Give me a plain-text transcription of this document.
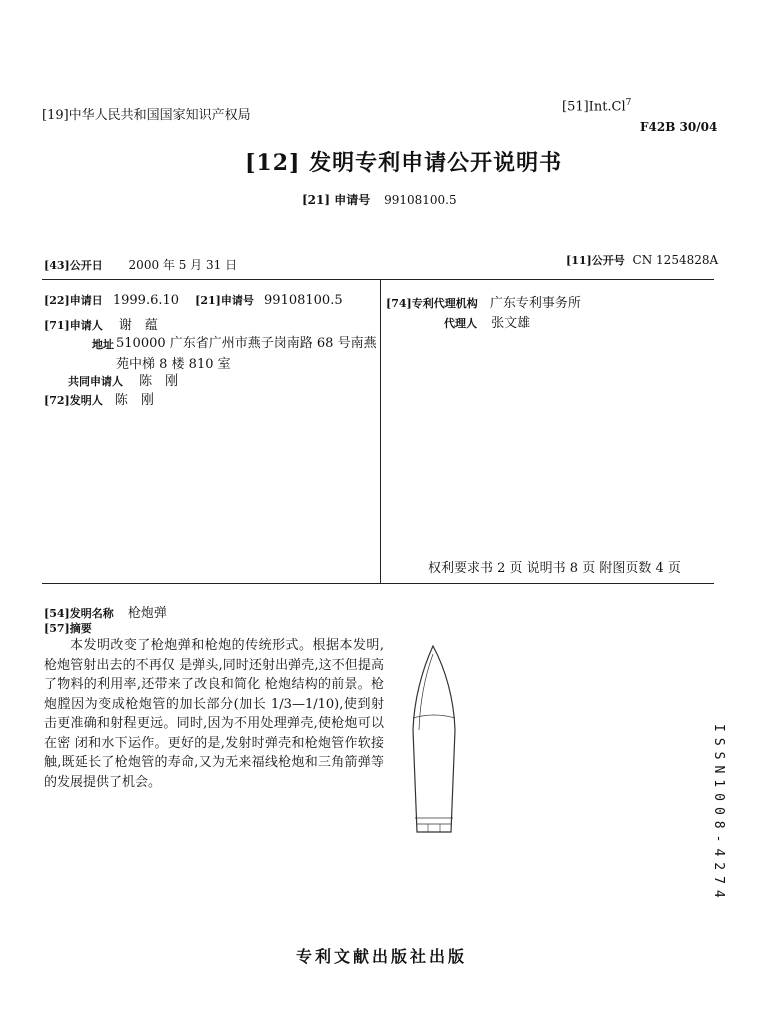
[19]中华人民共和国国家知识产权局
[51]Int.Cl$^7$
F42B 30/04
[12] 发明专利申请公开说明书
[21] 申请号 99108100.5
[43]公开日 2000 年 5 月 31 日	[11]公开号 CN 1254828A
[22]申请日 1999.6.10 [21]申请号 99108100.5
[71]申请人 谢　蕴
地址 510000 广东省广州市燕子岗南路 68 号南燕
苑中梯 8 楼 810 室
共同申请人 陈　刚
[72]发明人 陈　刚
[74]专利代理机构 广东专利事务所
代理人 张文雄
权利要求书 2 页 说明书 8 页 附图页数 4 页
[54]发明名称 枪炮弹
[57]摘要

本发明改变了枪炮弹和枪炮的传统形式。根据本发明,枪炮管射出去的不再仅 是弹头,同时还射出弹壳,这不但提高了物料的利用率,还带来了改良和简化 枪炮结构的前景。枪炮膛因为变成枪炮管的加长部分(加长 1/3—1/10),使到射击更准确和射程更远。同时,因为不用处理弹壳,使枪炮可以在密 闭和水下运作。更好的是,发射时弹壳和枪炮管作软接触,既延长了枪炮管的寿命,又为无来福线枪炮和三角箭弹等的发展提供了机会。	ISSN1008-4274
专利文献出版社出版
